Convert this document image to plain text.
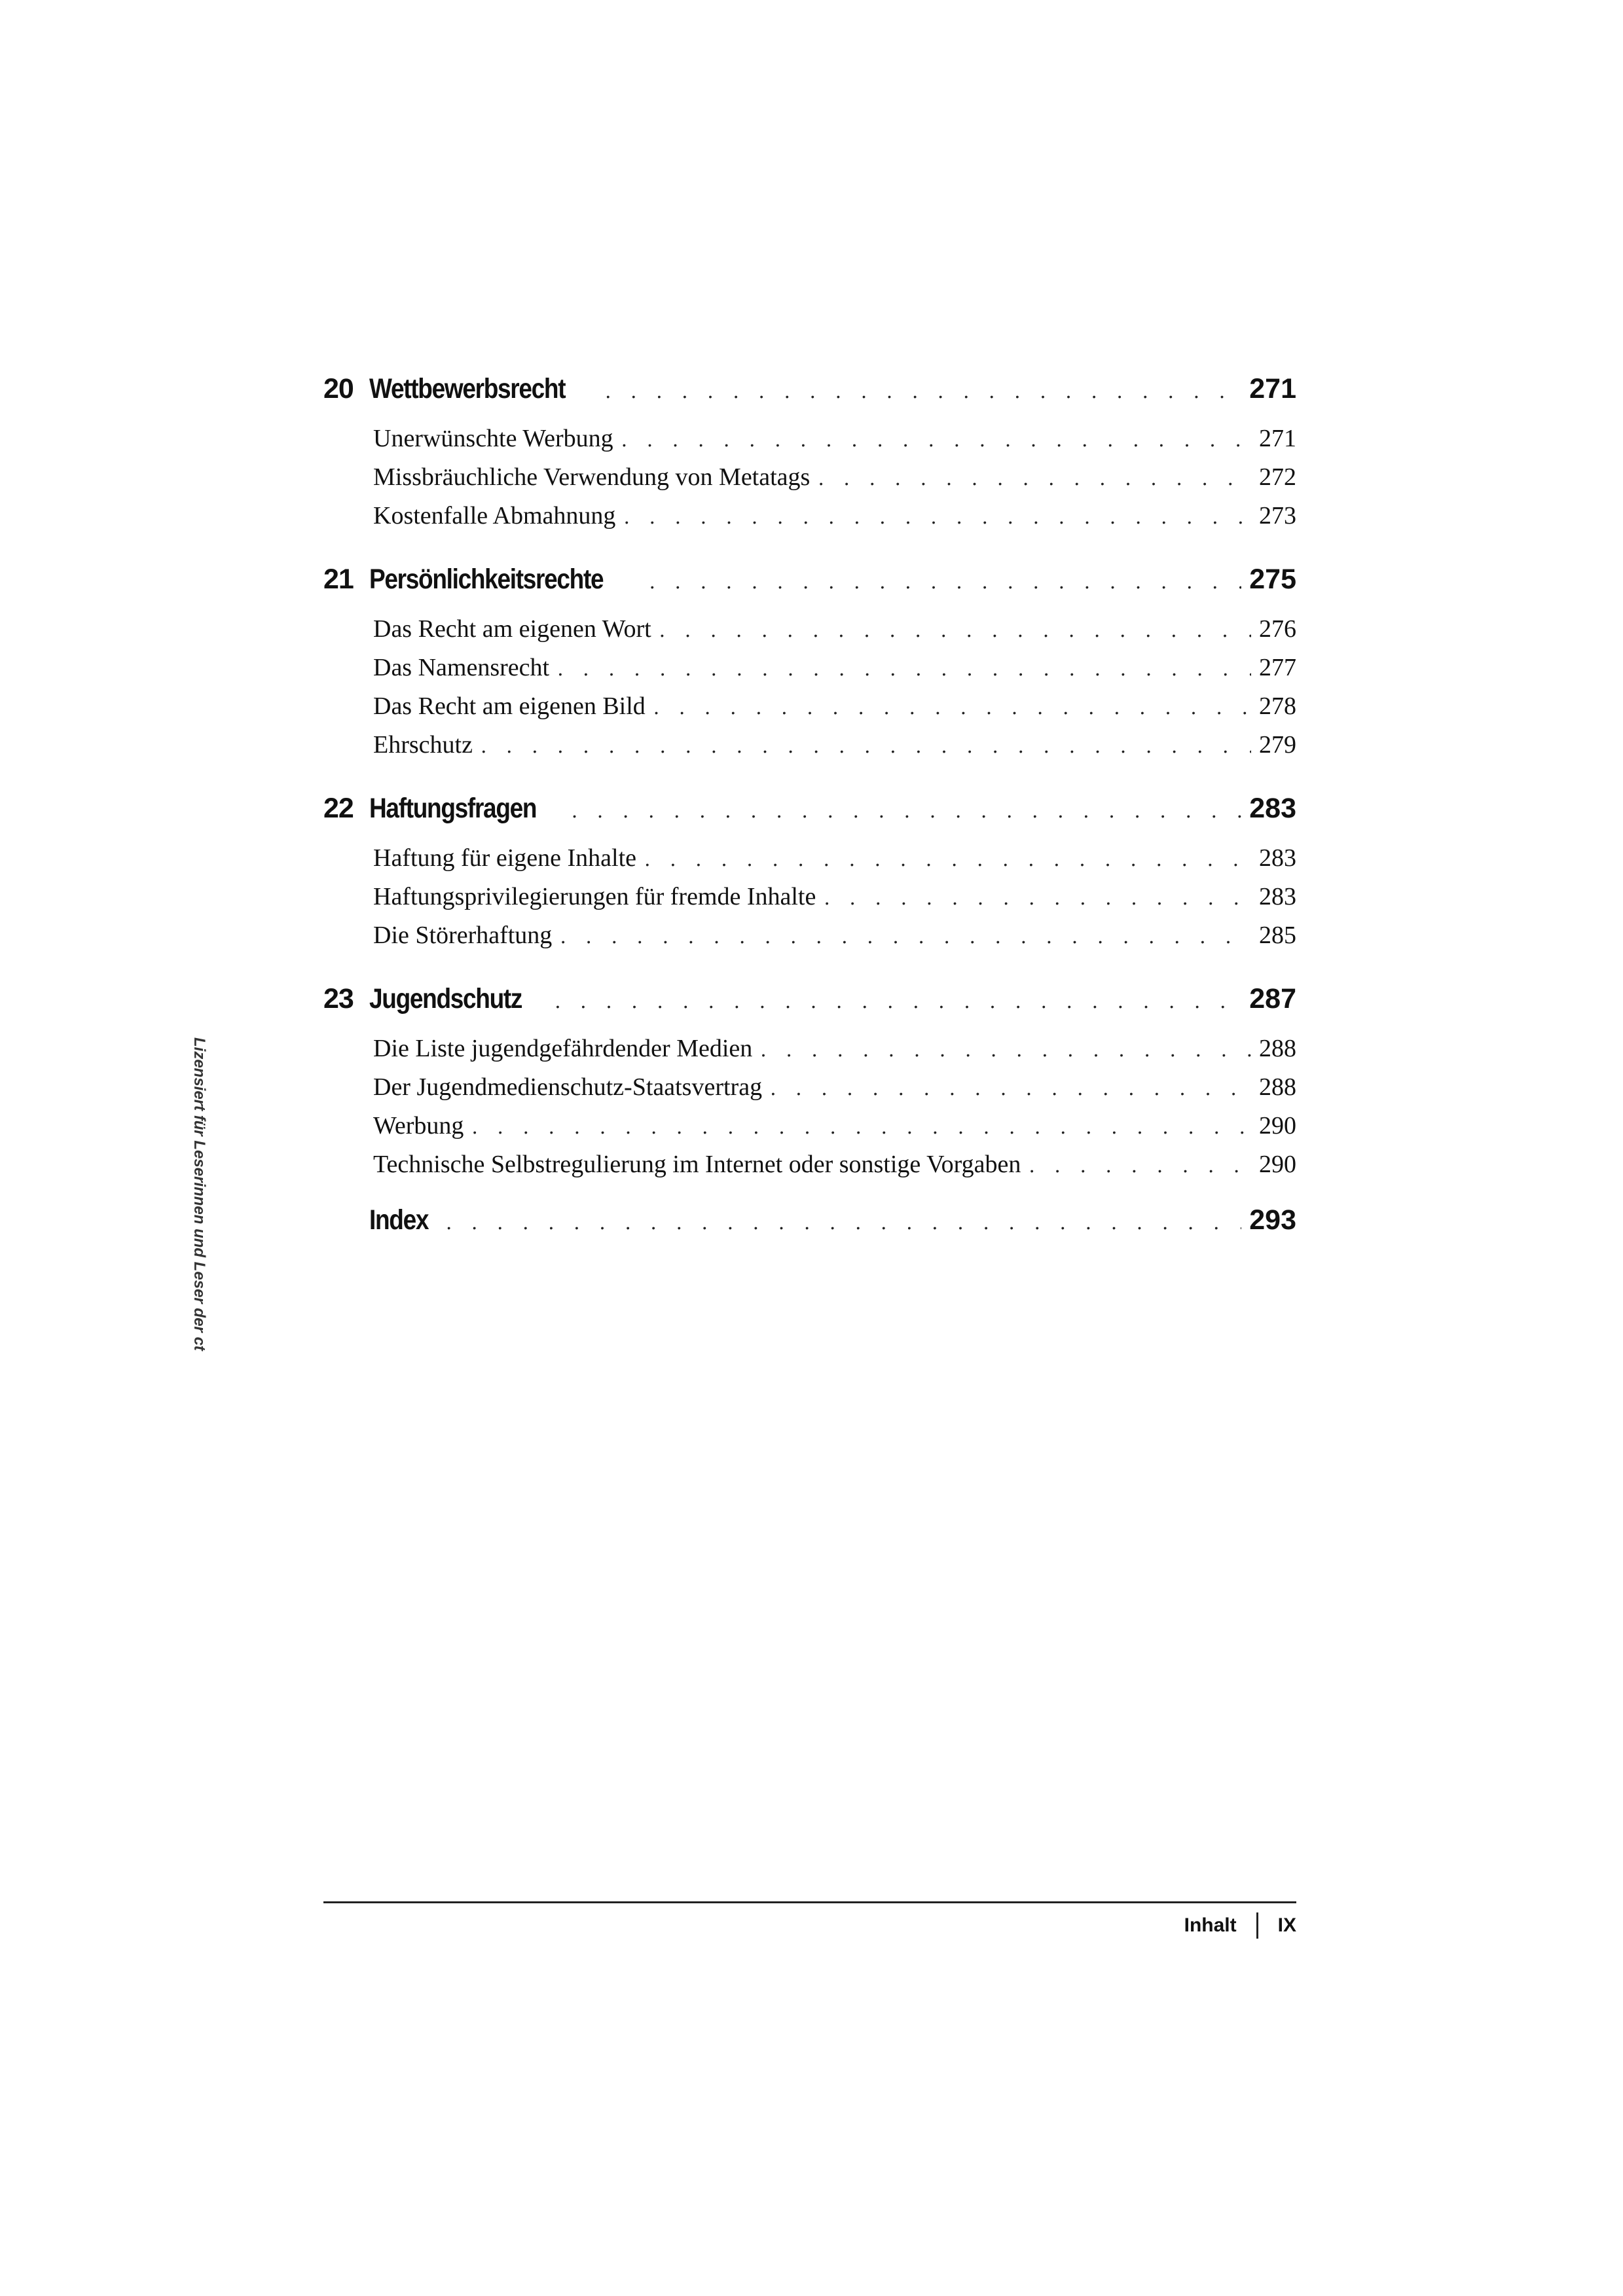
Lizensiert für Leserinnen und Leser der ct
20 Wettbewerbsrecht . . .	271
Unerwünschte Werbung . . .	271
Missbräuchliche Verwendung von Metatags . . .	272
Kostenfalle Abmahnung . . .	273
21 Persönlichkeitsrechte . . .	275
Das Recht am eigenen Wort . . .	276
Das Namensrecht . . .	277
Das Recht am eigenen Bild . . .	278
Ehrschutz . . .	279
22 Haftungsfragen . . .	283
Haftung für eigene Inhalte . . .	283
Haftungsprivilegierungen für fremde Inhalte . . .	283
Die Störerhaftung . . .	285
23 Jugendschutz . . .	287
Die Liste jugendgefährdender Medien . . .	288
Der Jugendmedienschutz-Staatsvertrag . . .	288
Werbung . . .	290
Technische Selbstregulierung im Internet oder sonstige Vorgaben . . .	290
Index . . .	293
Inhalt IX
